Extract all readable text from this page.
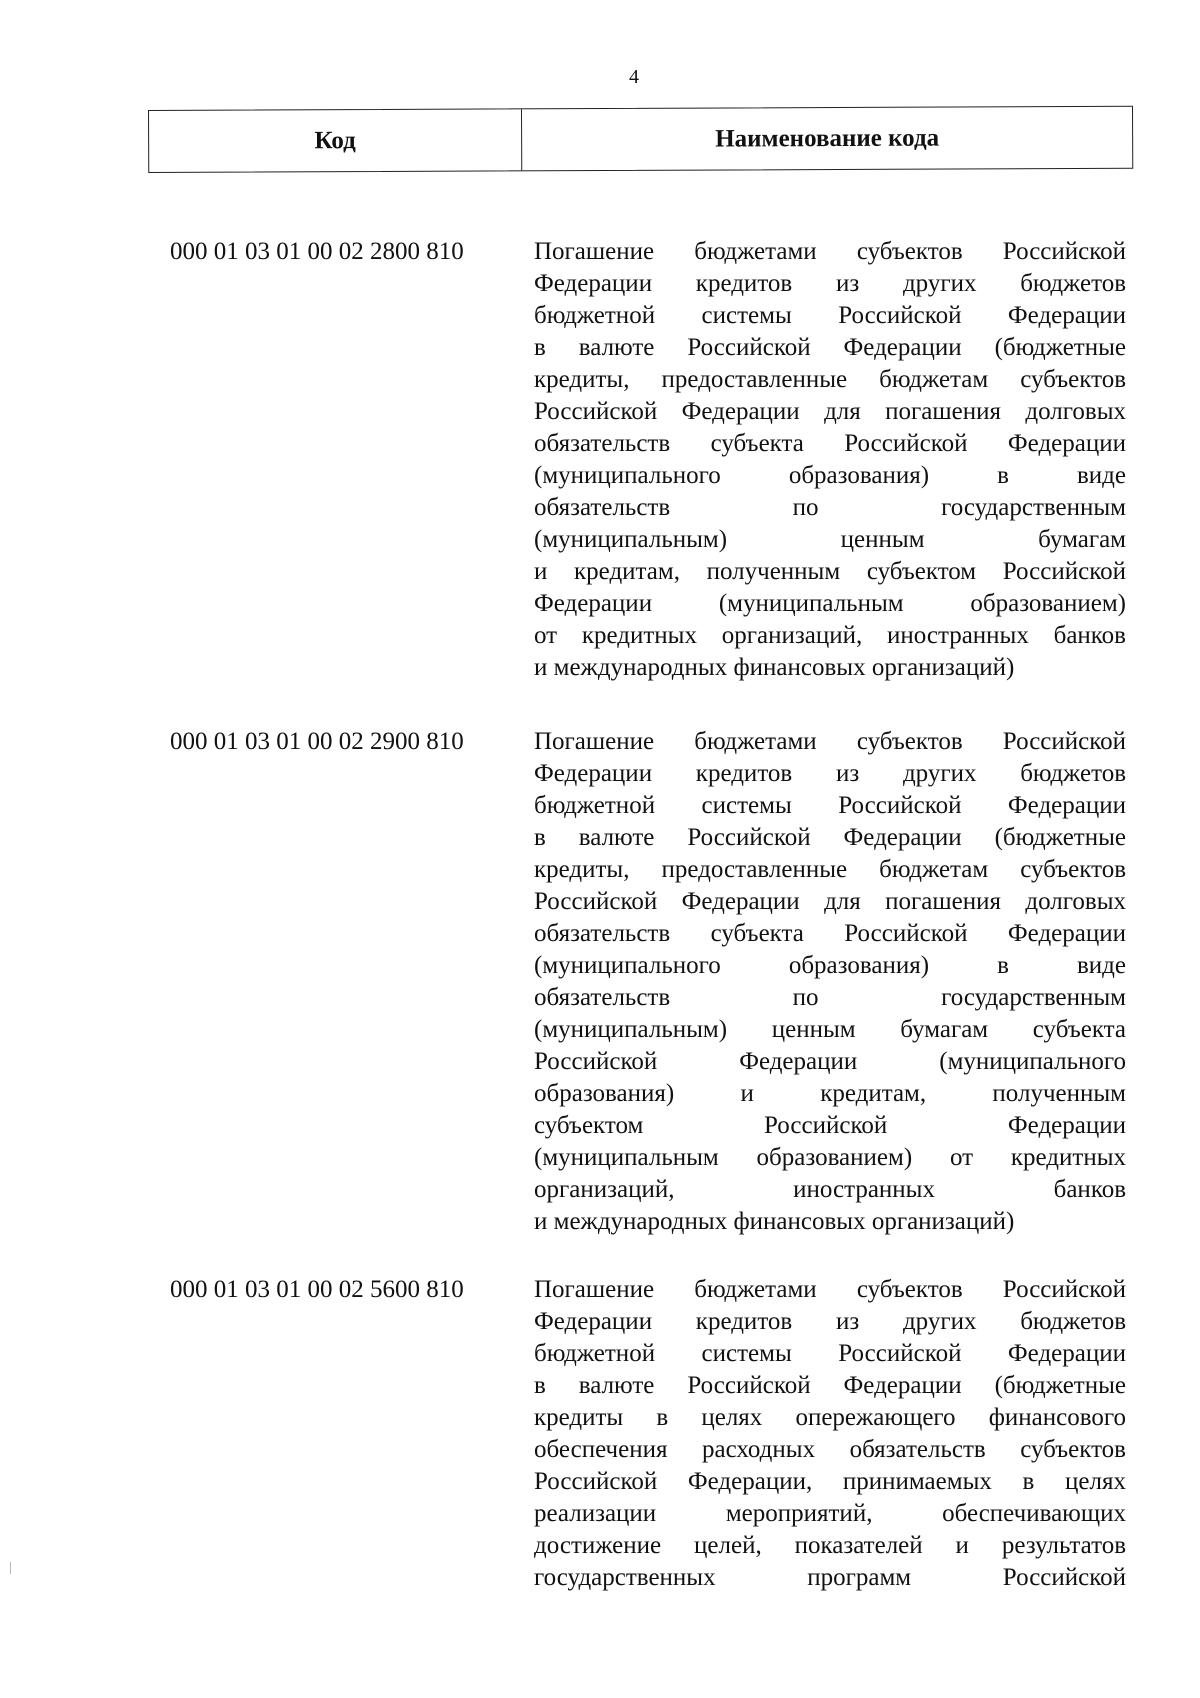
4
Код	Наименование кода
000 01 03 01 00 02 2800 810	Погашение бюджетами субъектов Российской
Федерации кредитов из других бюджетов
бюджетной системы Российской Федерации
в валюте Российской Федерации (бюджетные
кредиты, предоставленные бюджетам субъектов
Российской Федерации для погашения долговых
обязательств субъекта Российской Федерации
(муниципального образования) в виде
обязательств по государственным
(муниципальным) ценным бумагам
и кредитам, полученным субъектом Российской
Федерации (муниципальным образованием)
от кредитных организаций, иностранных банков
и международных финансовых организаций)
000 01 03 01 00 02 2900 810	Погашение бюджетами субъектов Российской
Федерации кредитов из других бюджетов
бюджетной системы Российской Федерации
в валюте Российской Федерации (бюджетные
кредиты, предоставленные бюджетам субъектов
Российской Федерации для погашения долговых
обязательств субъекта Российской Федерации
(муниципального образования) в виде
обязательств по государственным
(муниципальным) ценным бумагам субъекта
Российской Федерации (муниципального
образования) и кредитам, полученным
субъектом Российской Федерации
(муниципальным образованием) от кредитных
организаций, иностранных банков
и международных финансовых организаций)
000 01 03 01 00 02 5600 810	Погашение бюджетами субъектов Российской
Федерации кредитов из других бюджетов
бюджетной системы Российской Федерации
в валюте Российской Федерации (бюджетные
кредиты в целях опережающего финансового
обеспечения расходных обязательств субъектов
Российской Федерации, принимаемых в целях
реализации мероприятий, обеспечивающих
достижение целей, показателей и результатов
государственных программ Российской
